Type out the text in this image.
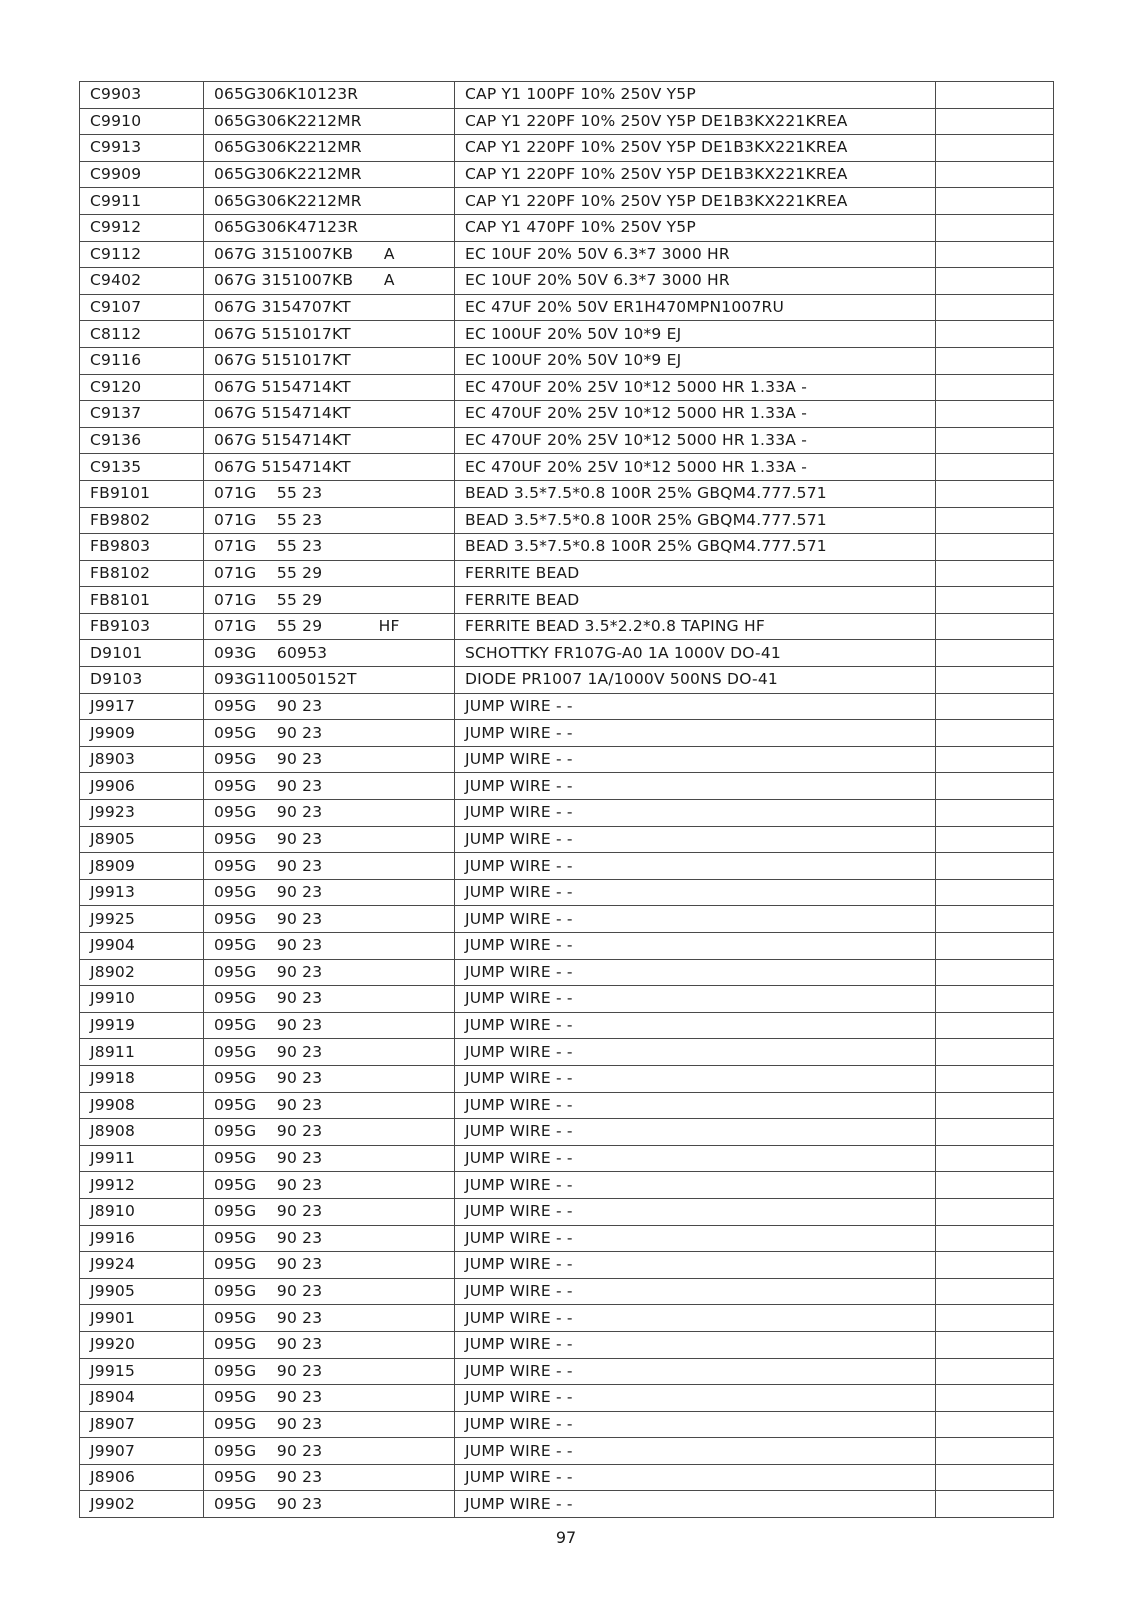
C9903	065G306K10123R	CAP Y1 100PF 10% 250V Y5P	
C9910	065G306K2212MR	CAP Y1 220PF 10% 250V Y5P DE1B3KX221KREA	
C9913	065G306K2212MR	CAP Y1 220PF 10% 250V Y5P DE1B3KX221KREA	
C9909	065G306K2212MR	CAP Y1 220PF 10% 250V Y5P DE1B3KX221KREA	
C9911	065G306K2212MR	CAP Y1 220PF 10% 250V Y5P DE1B3KX221KREA	
C9912	065G306K47123R	CAP Y1 470PF 10% 250V Y5P	
C9112	067G 3151007KB      A	EC 10UF 20% 50V 6.3*7 3000 HR	
C9402	067G 3151007KB      A	EC 10UF 20% 50V 6.3*7 3000 HR	
C9107	067G 3154707KT	EC 47UF 20% 50V ER1H470MPN1007RU	
C8112	067G 5151017KT	EC 100UF 20% 50V 10*9 EJ	
C9116	067G 5151017KT	EC 100UF 20% 50V 10*9 EJ	
C9120	067G 5154714KT	EC 470UF 20% 25V 10*12 5000 HR 1.33A -	
C9137	067G 5154714KT	EC 470UF 20% 25V 10*12 5000 HR 1.33A -	
C9136	067G 5154714KT	EC 470UF 20% 25V 10*12 5000 HR 1.33A -	
C9135	067G 5154714KT	EC 470UF 20% 25V 10*12 5000 HR 1.33A -	
FB9101	071G    55 23	BEAD 3.5*7.5*0.8 100R 25% GBQM4.777.571	
FB9802	071G    55 23	BEAD 3.5*7.5*0.8 100R 25% GBQM4.777.571	
FB9803	071G    55 23	BEAD 3.5*7.5*0.8 100R 25% GBQM4.777.571	
FB8102	071G    55 29	FERRITE BEAD	
FB8101	071G    55 29	FERRITE BEAD	
FB9103	071G    55 29           HF	FERRITE BEAD 3.5*2.2*0.8 TAPING HF	
D9101	093G    60953	SCHOTTKY FR107G-A0 1A 1000V DO-41	
D9103	093G110050152T	DIODE PR1007 1A/1000V 500NS DO-41	
J9917	095G    90 23	JUMP WIRE - -	
J9909	095G    90 23	JUMP WIRE - -	
J8903	095G    90 23	JUMP WIRE - -	
J9906	095G    90 23	JUMP WIRE - -	
J9923	095G    90 23	JUMP WIRE - -	
J8905	095G    90 23	JUMP WIRE - -	
J8909	095G    90 23	JUMP WIRE - -	
J9913	095G    90 23	JUMP WIRE - -	
J9925	095G    90 23	JUMP WIRE - -	
J9904	095G    90 23	JUMP WIRE - -	
J8902	095G    90 23	JUMP WIRE - -	
J9910	095G    90 23	JUMP WIRE - -	
J9919	095G    90 23	JUMP WIRE - -	
J8911	095G    90 23	JUMP WIRE - -	
J9918	095G    90 23	JUMP WIRE - -	
J9908	095G    90 23	JUMP WIRE - -	
J8908	095G    90 23	JUMP WIRE - -	
J9911	095G    90 23	JUMP WIRE - -	
J9912	095G    90 23	JUMP WIRE - -	
J8910	095G    90 23	JUMP WIRE - -	
J9916	095G    90 23	JUMP WIRE - -	
J9924	095G    90 23	JUMP WIRE - -	
J9905	095G    90 23	JUMP WIRE - -	
J9901	095G    90 23	JUMP WIRE - -	
J9920	095G    90 23	JUMP WIRE - -	
J9915	095G    90 23	JUMP WIRE - -	
J8904	095G    90 23	JUMP WIRE - -	
J8907	095G    90 23	JUMP WIRE - -	
J9907	095G    90 23	JUMP WIRE - -	
J8906	095G    90 23	JUMP WIRE - -	
J9902	095G    90 23	JUMP WIRE - -	
97
